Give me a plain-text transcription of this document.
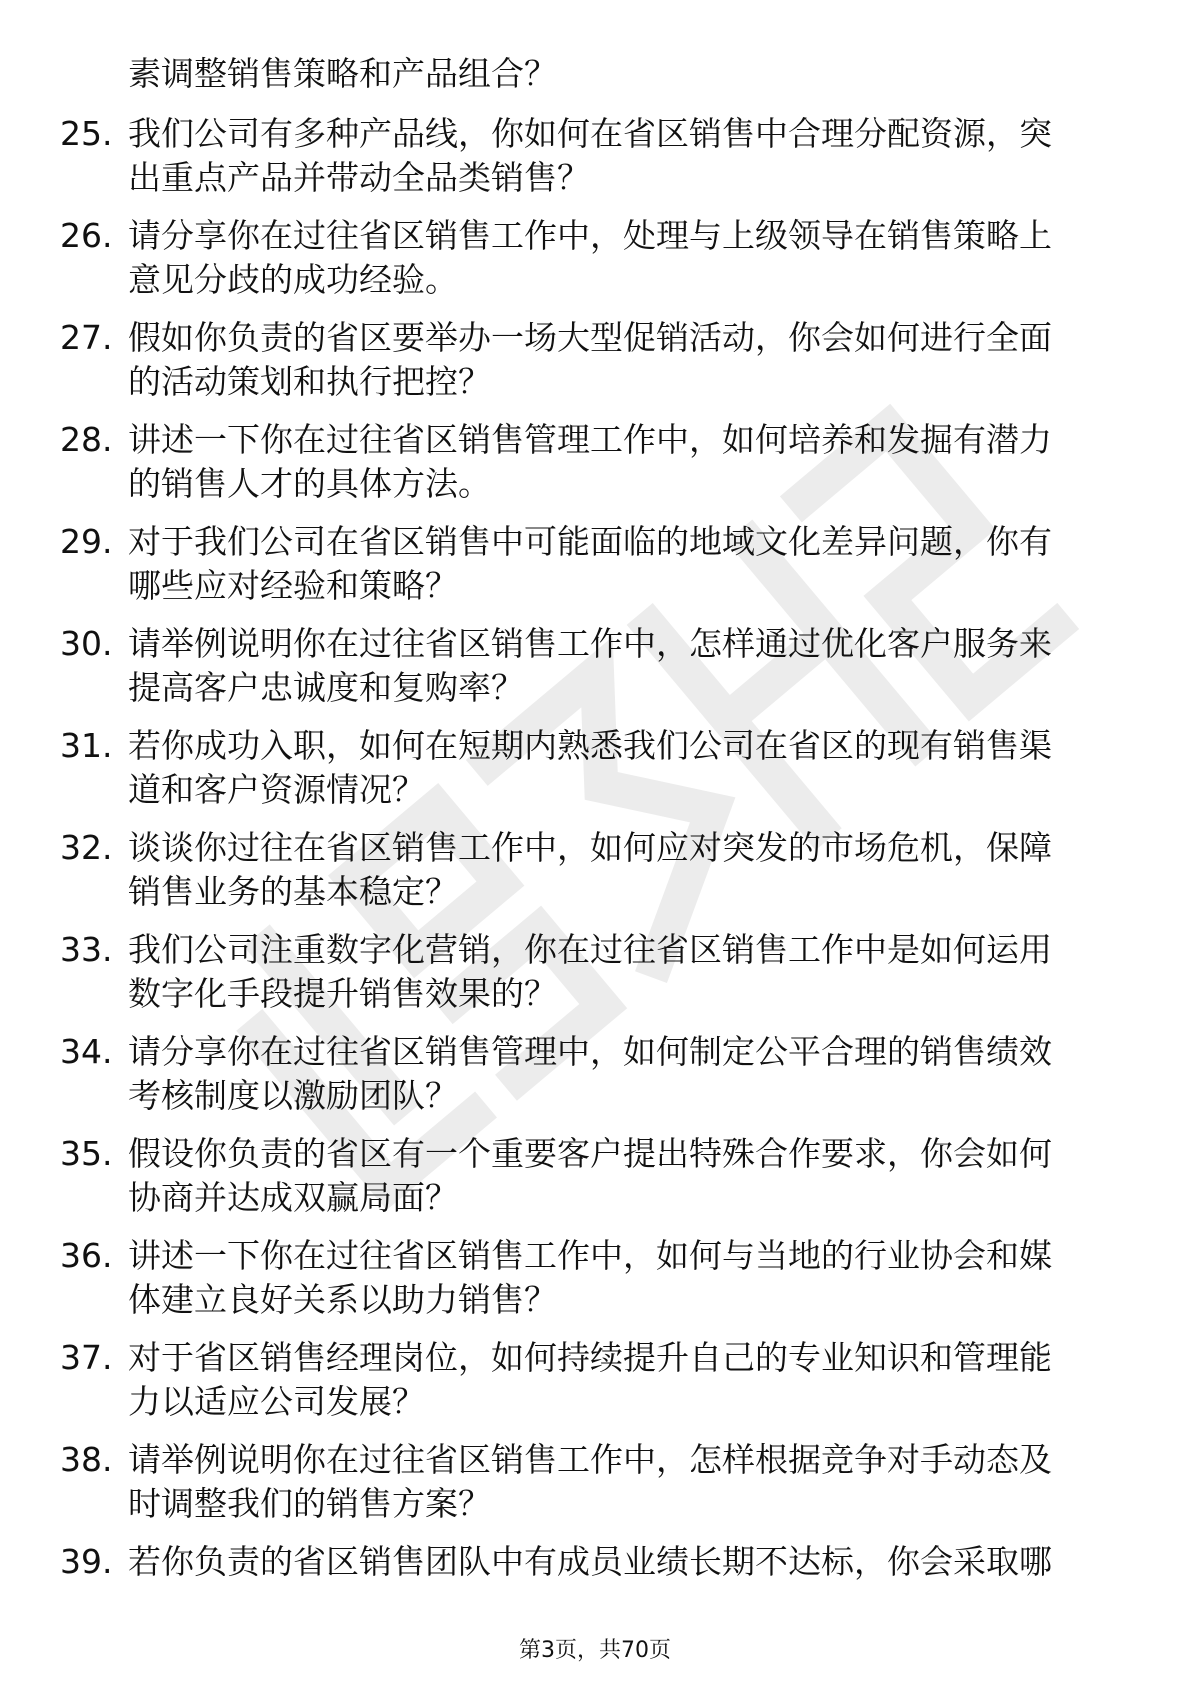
素调整销售策略和产品组合？
25. 我们公司有多种产品线，你如何在省区销售中合理分配资源，突
出重点产品并带动全品类销售？
26. 请分享你在过往省区销售工作中，处理与上级领导在销售策略上
意见分歧的成功经验。
27. 假如你负责的省区要举办一场大型促销活动，你会如何进行全面
的活动策划和执行把控？
28. 讲述一下你在过往省区销售管理工作中，如何培养和发掘有潜力
的销售人才的具体方法。
29. 对于我们公司在省区销售中可能面临的地域文化差异问题，你有
哪些应对经验和策略？
30. 请举例说明你在过往省区销售工作中，怎样通过优化客户服务来
提高客户忠诚度和复购率？
31. 若你成功入职，如何在短期内熟悉我们公司在省区的现有销售渠
道和客户资源情况？
32. 谈谈你过往在省区销售工作中，如何应对突发的市场危机，保障
销售业务的基本稳定？
33. 我们公司注重数字化营销，你在过往省区销售工作中是如何运用
数字化手段提升销售效果的？
34. 请分享你在过往省区销售管理中，如何制定公平合理的销售绩效
考核制度以激励团队？
35. 假设你负责的省区有一个重要客户提出特殊合作要求，你会如何
协商并达成双赢局面？
36. 讲述一下你在过往省区销售工作中，如何与当地的行业协会和媒
体建立良好关系以助力销售？
37. 对于省区销售经理岗位，如何持续提升自己的专业知识和管理能
力以适应公司发展？
38. 请举例说明你在过往省区销售工作中，怎样根据竞争对手动态及
时调整我们的销售方案？
39. 若你负责的省区销售团队中有成员业绩长期不达标，你会采取哪
第3页，共70页
